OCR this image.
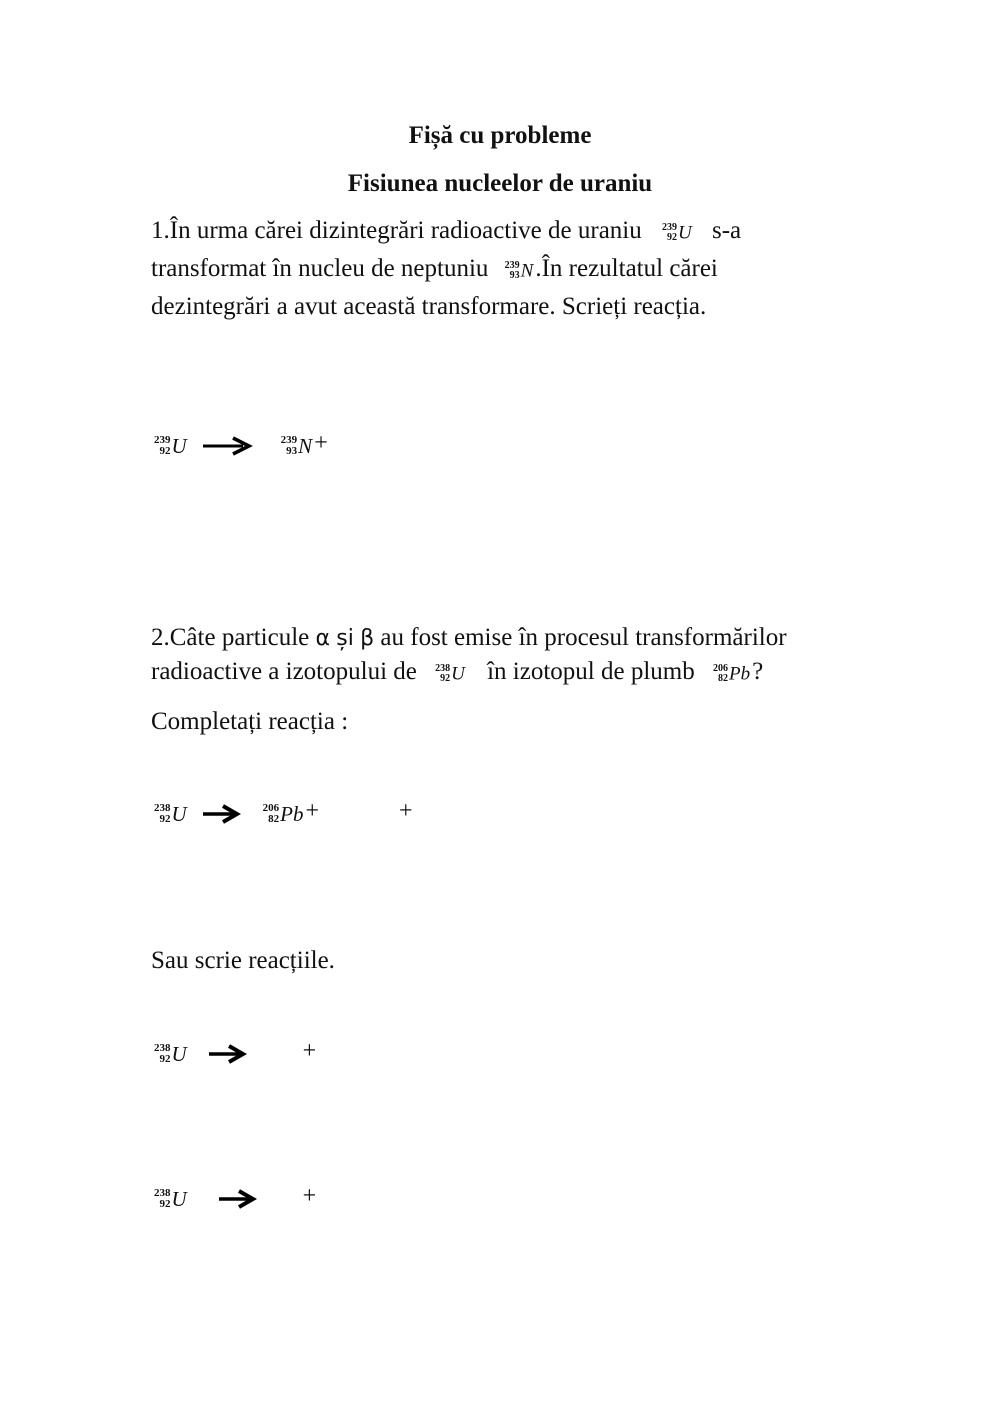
Fișă cu probleme
Fisiunea nucleelor de uraniu
1.În urma cărei dizintegrări radioactive de uraniu 239
92 U s-a
transformat în nucleu de neptuniu 239
93 N.În rezultatul cărei
dezintegrări a avut această transformare. Scrieți reacția.
239
92 U	239
93 N+
2.Câte particule α și β au fost emise în procesul transformărilor
radioactive a izotopului de 238
92 U în izotopul de plumb 206
82 Pb?
Completați reacția :
238
92 U	206
82 Pb+	+
Sau scrie reacțiile.
238
92 U	+
238
92 U	+
